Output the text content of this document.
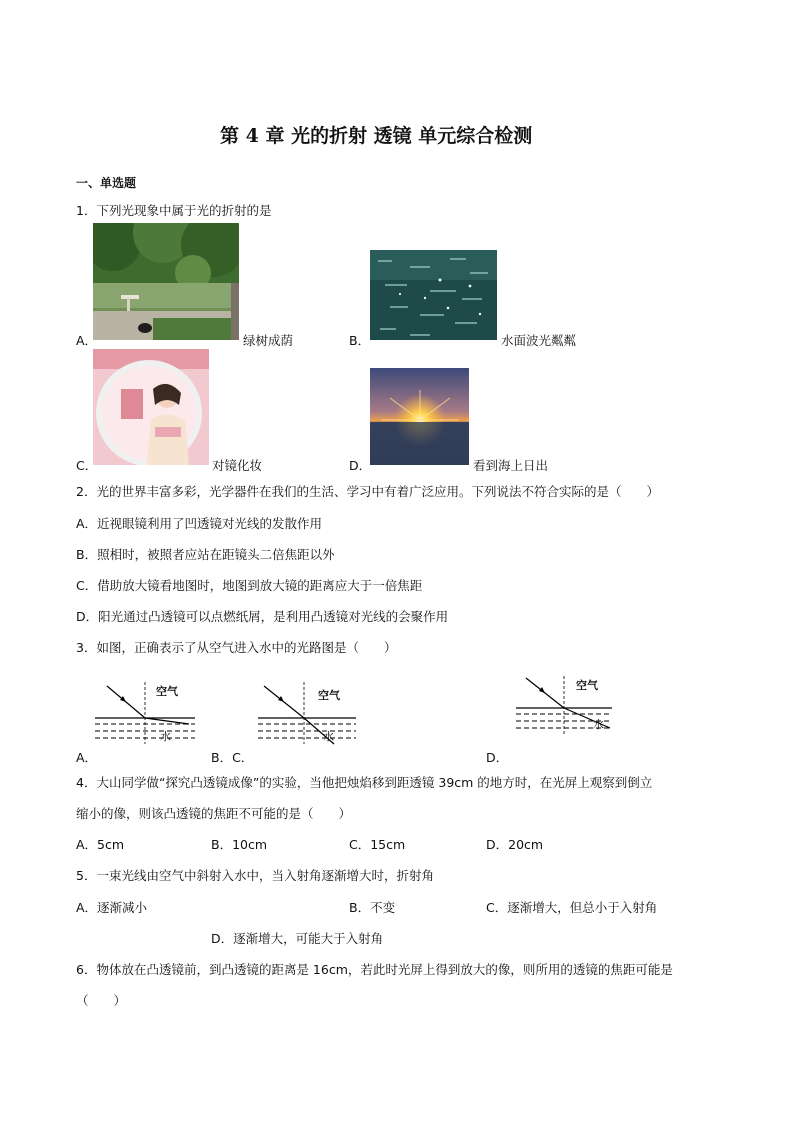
第 4 章 光的折射 透镜 单元综合检测
一、单选题
1．下列光现象中属于光的折射的是
A．	绿树成荫	B．	水面波光粼粼
C．	对镜化妆	D．	看到海上日出
2．光的世界丰富多彩，光学器件在我们的生活、学习中有着广泛应用。下列说法不符合实际的是（　　）
A．近视眼镜利用了凹透镜对光线的发散作用
B．照相时，被照者应站在距镜头二倍焦距以外
C．借助放大镜看地图时，地图到放大镜的距离应大于一倍焦距
D．阳光通过凸透镜可以点燃纸屑，是利用凸透镜对光线的会聚作用
3．如图，正确表示了从空气进入水中的光路图是（　　）
空气
水
空气
水
空气
水
A．	B．C．	D．
4．大山同学做“探究凸透镜成像”的实验，当他把烛焰移到距透镜 39cm 的地方时，在光屏上观察到倒立
缩小的像，则该凸透镜的焦距不可能的是（　　）
A．5cm	B．10cm	C．15cm	D．20cm
5．一束光线由空气中斜射入水中，当入射角逐渐增大时，折射角
A．逐渐减小	B．不变	C．逐渐增大，但总小于入射角
D．逐渐增大，可能大于入射角
6．物体放在凸透镜前，到凸透镜的距离是 16cm，若此时光屏上得到放大的像，则所用的透镜的焦距可能是
（　　）
